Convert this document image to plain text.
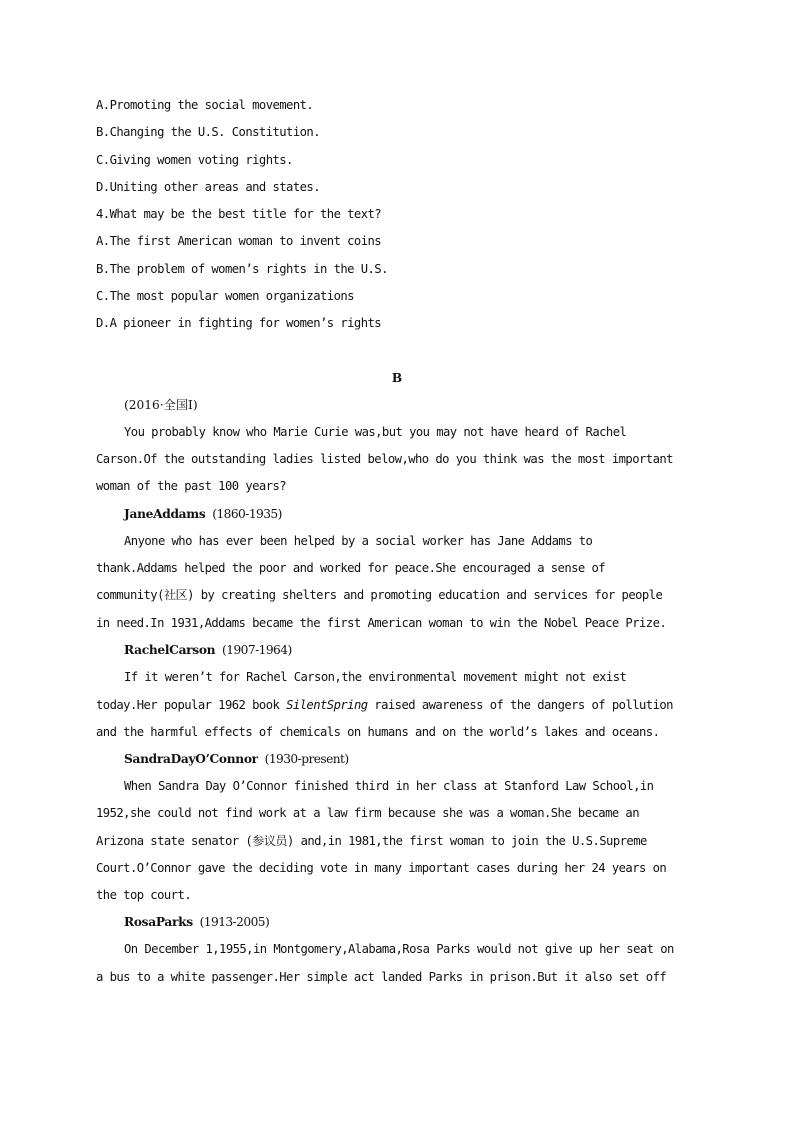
A.Promoting the social movement.
B.Changing the U.S. Constitution.
C.Giving women voting rights.
D.Uniting other areas and states.
4.What may be the best title for the text?
A.The first American woman to invent coins
B.The problem of women’s rights in the U.S.
C.The most popular women organizations
D.A pioneer in fighting for women’s rights
B
(2016·全国Ⅰ)
You probably know who Marie Curie was,but you may not have heard of Rachel
Carson.Of the outstanding ladies listed below,who do you think was the most important
woman of the past 100 years?
JaneAddams (1860-1935)
Anyone who has ever been helped by a social worker has Jane Addams to
thank.Addams helped the poor and worked for peace.She encouraged a sense of
community(社区) by creating shelters and promoting education and services for people
in need.In 1931,Addams became the first American woman to win the Nobel Peace Prize.
RachelCarson (1907-1964)
If it weren’t for Rachel Carson,the environmental movement might not exist
today.Her popular 1962 book SilentSpring raised awareness of the dangers of pollution
and the harmful effects of chemicals on humans and on the world’s lakes and oceans.
SandraDayO’Connor (1930-present)
When Sandra Day O’Connor finished third in her class at Stanford Law School,in
1952,she could not find work at a law firm because she was a woman.She became an
Arizona state senator (参议员) and,in 1981,the first woman to join the U.S.Supreme
Court.O’Connor gave the deciding vote in many important cases during her 24 years on
the top court.
RosaParks (1913-2005)
On December 1,1955,in Montgomery,Alabama,Rosa Parks would not give up her seat on
a bus to a white passenger.Her simple act landed Parks in prison.But it also set off
